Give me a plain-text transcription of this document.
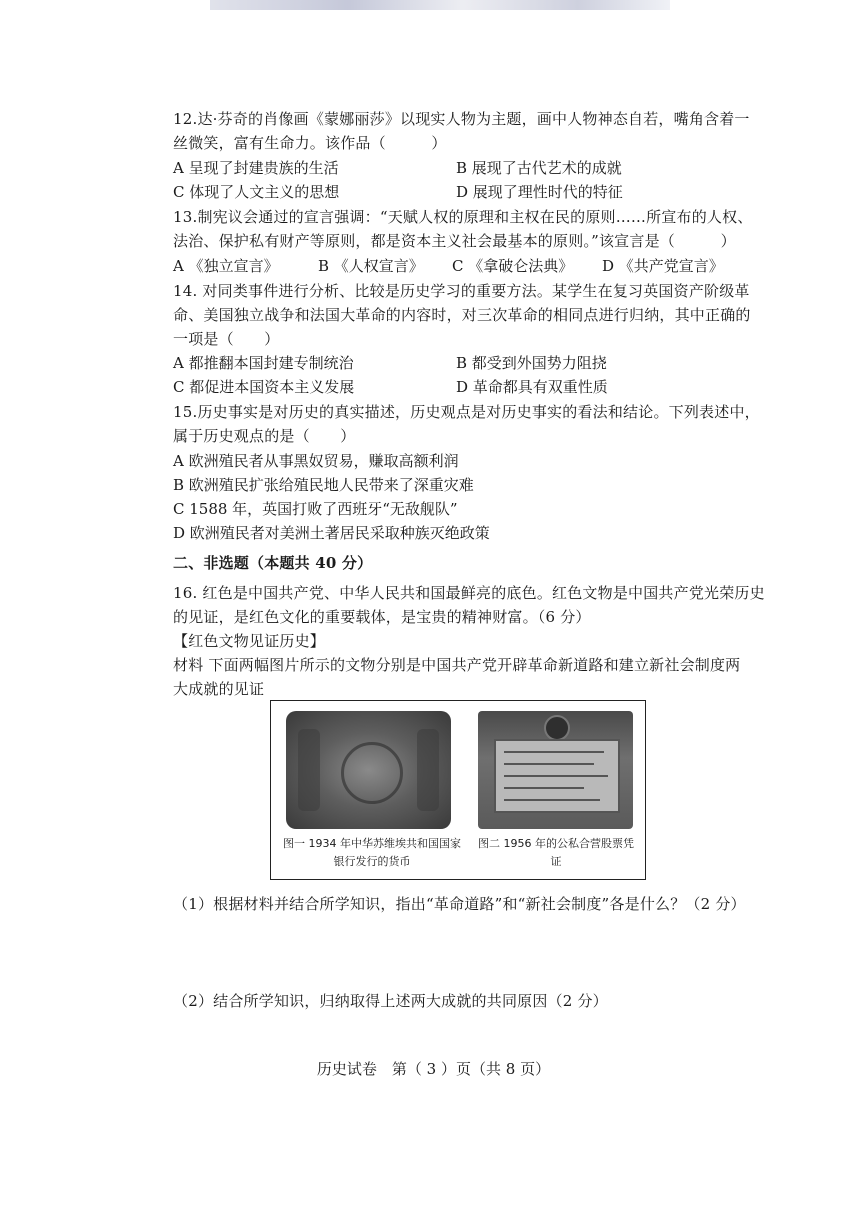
12.达·芬奇的肖像画《蒙娜丽莎》以现实人物为主题，画中人物神态自若，嘴角含着一
丝微笑，富有生命力。该作品（　　　）
A 呈现了封建贵族的生活	B 展现了古代艺术的成就
C 体现了人文主义的思想	D 展现了理性时代的特征
13.制宪议会通过的宣言强调：“天赋人权的原理和主权在民的原则……所宣布的人权、
法治、保护私有财产等原则，都是资本主义社会最基本的原则。”该宣言是（　　　）
A 《独立宣言》	B 《人权宣言》 C 《拿破仑法典》 D 《共产党宣言》
14. 对同类事件进行分析、比较是历史学习的重要方法。某学生在复习英国资产阶级革
命、美国独立战争和法国大革命的内容时，对三次革命的相同点进行归纳，其中正确的
一项是（　　）
A 都推翻本国封建专制统治	B 都受到外国势力阻挠
C 都促进本国资本主义发展	D 革命都具有双重性质
15.历史事实是对历史的真实描述，历史观点是对历史事实的看法和结论。下列表述中，
属于历史观点的是（　　）
A 欧洲殖民者从事黑奴贸易，赚取高额利润
B 欧洲殖民扩张给殖民地人民带来了深重灾难
C 1588 年，英国打败了西班牙“无敌舰队”
D 欧洲殖民者对美洲土著居民采取种族灭绝政策
二、非选题（本题共 40 分）
16. 红色是中国共产党、中华人民共和国最鲜亮的底色。红色文物是中国共产党光荣历史
的见证，是红色文化的重要载体，是宝贵的精神财富。（6 分）
【红色文物见证历史】
材料 下面两幅图片所示的文物分别是中国共产党开辟革命新道路和建立新社会制度两
大成就的见证
图一 1934 年中华苏维埃共和国国家
银行发行的货币
图二 1956 年的公私合营股票凭
证
（1）根据材料并结合所学知识，指出“革命道路”和“新社会制度”各是什么？（2 分）
（2）结合所学知识，归纳取得上述两大成就的共同原因（2 分）
历史试卷　第（ 3 ）页（共 8 页）
